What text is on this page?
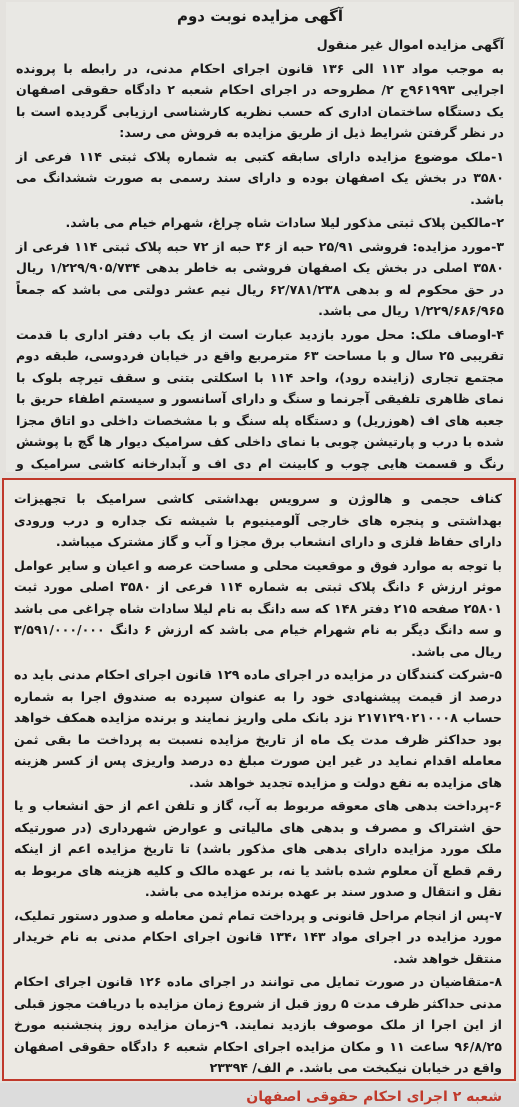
آگهی مزایده نوبت دوم

آگهی مزایده اموال غیر منقول

به موجب مواد ۱۱۳ الی ۱۳۶ قانون اجرای احکام مدنی، در رابطه با پرونده اجرایی ۹۶۱۹۹۳ج ۲/ مطروحه در اجرای احکام شعبه ۲ دادگاه حقوقی اصفهان یک دستگاه ساختمان اداری که حسب نظریه کارشناسی ارزیابی گردیده است با در نظر گرفتن شرایط ذیل از طریق مزایده به فروش می رسد:

۱-ملک موضوع مزایده دارای سابقه کتبی به شماره پلاک ثبتی ۱۱۴ فرعی از ۳۵۸۰ در بخش یک اصفهان بوده و دارای سند رسمی به صورت ششدانگ می باشد.

۲-مالکین پلاک ثبتی مذکور لیلا سادات شاه چراغ، شهرام خیام می باشد.

۳-مورد مزایده: فروشی ۲۵/۹۱ حبه از ۳۶ حبه از ۷۲ حبه پلاک ثبتی ۱۱۴ فرعی از ۳۵۸۰ اصلی در بخش یک اصفهان فروشی به خاطر بدهی ۱/۲۲۹/۹۰۵/۷۳۴ ریال در حق محکوم له و بدهی ۶۲/۷۸۱/۲۳۸ ریال نیم عشر دولتی می باشد که جمعاً ۱/۲۲۹/۶۸۶/۹۶۵ ریال می باشد.

۴-اوصاف ملک: محل مورد بازدید عبارت است از یک باب دفتر اداری با قدمت تقریبی ۲۵ سال و با مساحت ۶۳ مترمربع واقع در خیابان فردوسی، طبقه دوم مجتمع تجاری (زاینده رود)، واحد ۱۱۴ با اسکلتی بتنی و سقف تیرچه بلوک با نمای ظاهری تلفیقی آجرنما و سنگ و دارای آسانسور و سیستم اطفاء حریق با جعبه های اف (هوزریل) و دستگاه پله سنگ و با مشخصات داخلی دو اتاق مجزا شده با درب و پارتیشن چوبی با نمای داخلی کف سرامیک دیوار ها گچ با پوشش رنگ و قسمت هایی چوب و کابینت ام دی اف و آبدارخانه کاشی سرامیک و

کناف حجمی و هالوژن و سرویس بهداشتی کاشی سرامیک با تجهیزات بهداشتی و پنجره های خارجی آلومینیوم با شیشه تک جداره و درب ورودی دارای حفاظ فلزی و دارای انشعاب برق مجزا و آب و گاز مشترک میباشد.

با توجه به موارد فوق و موقعیت محلی و مساحت عرصه و اعیان و سایر عوامل موثر ارزش ۶ دانگ پلاک ثبتی به شماره ۱۱۴ فرعی از ۳۵۸۰ اصلی مورد ثبت ۲۵۸۰۱ صفحه ۲۱۵ دفتر ۱۴۸ که سه دانگ به نام لیلا سادات شاه چراغی می باشد و سه دانگ دیگر به نام شهرام خیام می باشد که ارزش ۶ دانگ ۳/۵۹۱/۰۰۰/۰۰۰ ریال می باشد.

۵-شرکت کنندگان در مزایده در اجرای ماده ۱۲۹ قانون اجرای احکام مدنی باید ده درصد از قیمت پیشنهادی خود را به عنوان سپرده به صندوق اجرا به شماره حساب ۲۱۷۱۲۹۰۲۱۰۰۰۸ نزد بانک ملی واریز نمایند و برنده مزایده همکف خواهد بود حداکثر ظرف مدت یک ماه از تاریخ مزایده نسبت به پرداخت ما بقی ثمن معامله اقدام نماید در غیر این صورت مبلغ ده درصد واریزی پس از کسر هزینه های مزایده به نفع دولت و مزایده تجدید خواهد شد.

۶-پرداخت بدهی های معوقه مربوط به آب، گاز و تلفن اعم از حق انشعاب و یا حق اشتراک و مصرف و بدهی های مالیاتی و عوارض شهرداری (در صورتیکه ملک مورد مزایده دارای بدهی های مذکور باشد) تا تاریخ مزایده اعم از اینکه رقم قطع آن معلوم شده باشد یا نه، بر عهده مالک و کلیه هزینه های مربوط به نقل و انتقال و صدور سند بر عهده برنده مزایده می باشد.

۷-پس از انجام مراحل قانونی و پرداخت تمام ثمن معامله و صدور دستور تملیک، مورد مزایده در اجرای مواد ۱۴۳ ،۱۳۴ قانون اجرای احکام مدنی به نام خریدار منتقل خواهد شد.

۸-متقاضیان در صورت تمایل می توانند در اجرای ماده ۱۲۶ قانون اجرای احکام مدنی حداکثر ظرف مدت ۵ روز قبل از شروع زمان مزایده با دریافت مجوز قبلی از این اجرا از ملک موصوف بازدید نمایند. ۹-زمان مزایده روز پنجشنبه مورخ ۹۶/۸/۲۵ ساعت ۱۱ و مکان مزایده اجرای احکام شعبه ۶ دادگاه حقوقی اصفهان واقع در خیابان نیکبخت می باشد. م الف/ ۲۳۳۹۴

شعبه ۲ اجرای احکام حقوقی اصفهان
